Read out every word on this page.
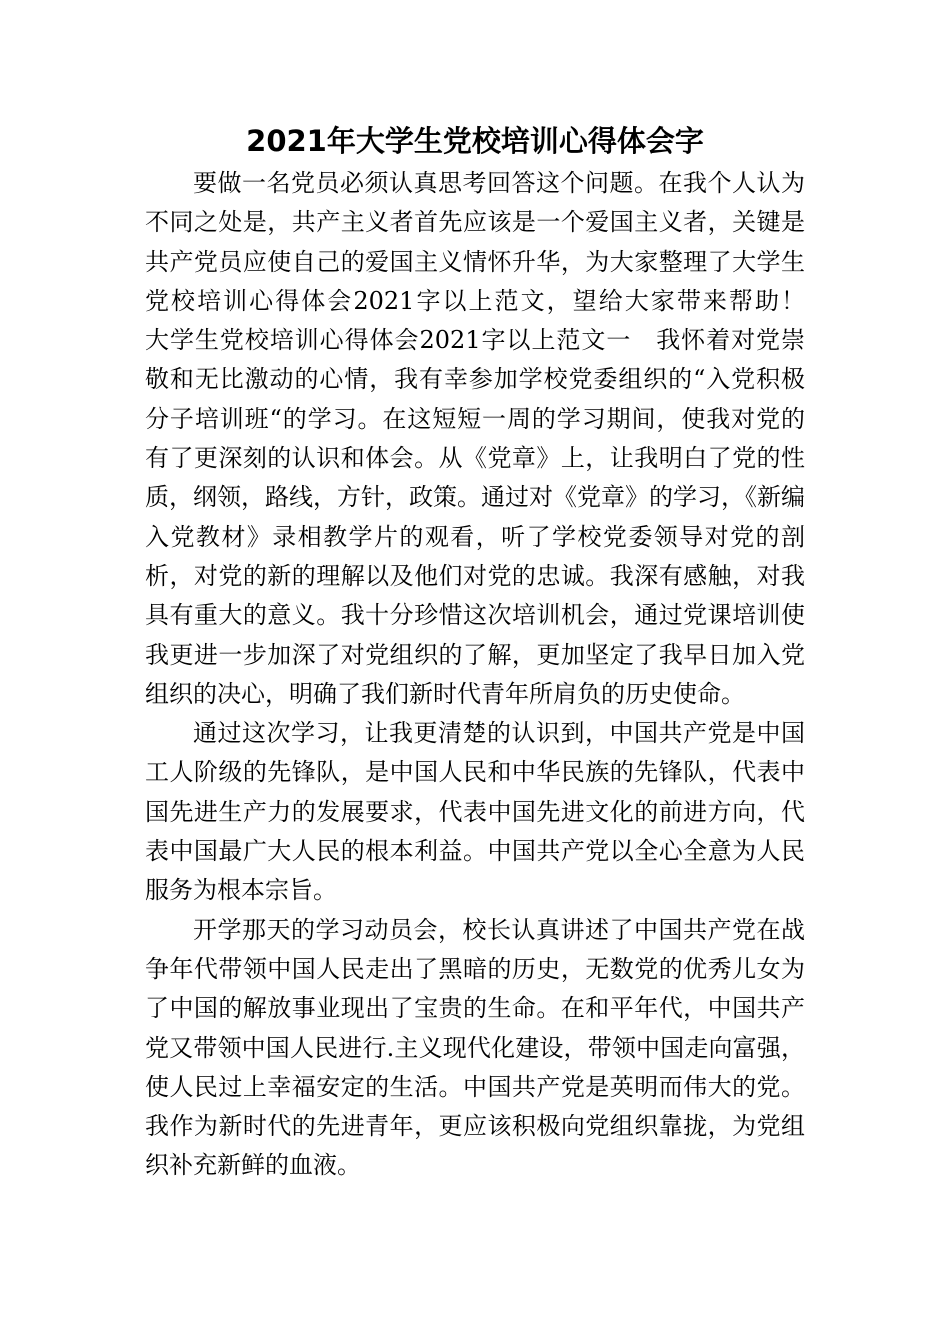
2021年大学生党校培训心得体会字

要做一名党员必须认真思考回答这个问题。在我个人认为不同之处是，共产主义者首先应该是一个爱国主义者，关键是共产党员应使自己的爱国主义情怀升华，为大家整理了大学生党校培训心得体会2021字以上范文，望给大家带来帮助！　大学生党校培训心得体会2021字以上范文一　我怀着对党崇敬和无比激动的心情，我有幸参加学校党委组织的“入党积极分子培训班“的学习。在这短短一周的学习期间，使我对党的有了更深刻的认识和体会。从《党章》上，让我明白了党的性质，纲领，路线，方针，政策。通过对《党章》的学习，《新编入党教材》录相教学片的观看，听了学校党委领导对党的剖析，对党的新的理解以及他们对党的忠诚。我深有感触，对我具有重大的意义。我十分珍惜这次培训机会，通过党课培训使我更进一步加深了对党组织的了解，更加坚定了我早日加入党组织的决心，明确了我们新时代青年所肩负的历史使命。

通过这次学习，让我更清楚的认识到，中国共产党是中国工人阶级的先锋队，是中国人民和中华民族的先锋队，代表中国先进生产力的发展要求，代表中国先进文化的前进方向，代表中国最广大人民的根本利益。中国共产党以全心全意为人民服务为根本宗旨。

开学那天的学习动员会，校长认真讲述了中国共产党在战争年代带领中国人民走出了黑暗的历史，无数党的优秀儿女为了中国的解放事业现出了宝贵的生命。在和平年代，中国共产党又带领中国人民进行.主义现代化建设，带领中国走向富强，使人民过上幸福安定的生活。中国共产党是英明而伟大的党。我作为新时代的先进青年，更应该积极向党组织靠拢，为党组织补充新鲜的血液。
